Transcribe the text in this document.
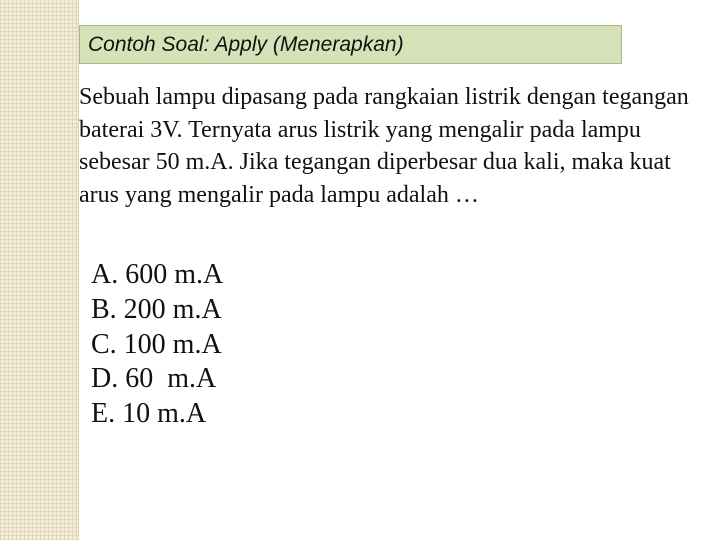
Contoh Soal: Apply (Menerapkan)

Sebuah lampu dipasang pada rangkaian listrik dengan tegangan baterai 3V. Ternyata arus listrik yang mengalir pada lampu sebesar 50 m.A. Jika tegangan diperbesar dua kali, maka kuat arus yang mengalir pada lampu adalah …

A. 600 m.A
B. 200 m.A
C. 100 m.A
D. 60  m.A
E. 10 m.A
